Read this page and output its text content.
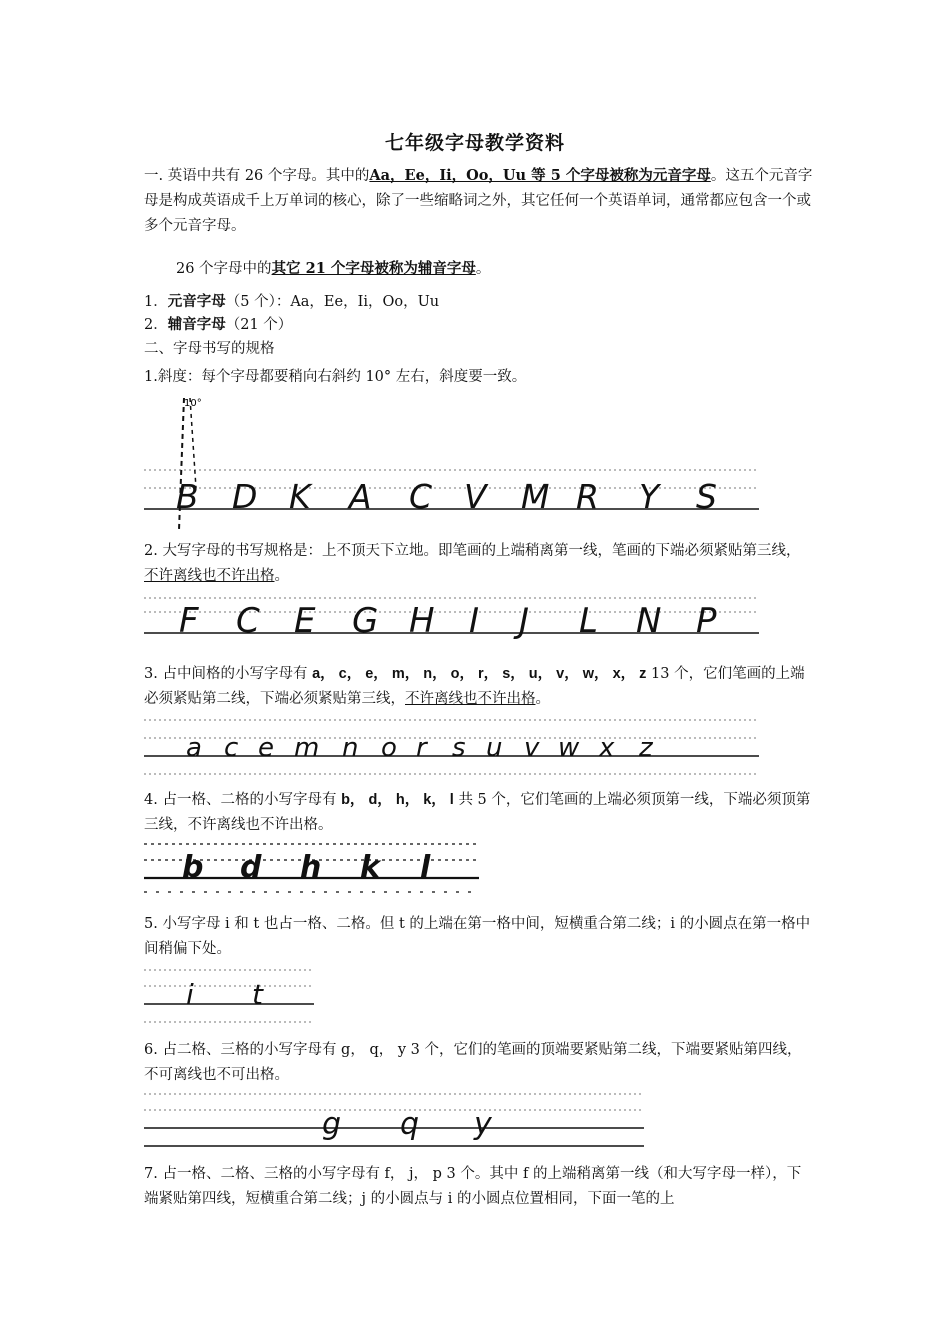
七年级字母教学资料

一. 英语中共有 26 个字母。其中的Aa，Ee，Ii，Oo，Uu 等 5 个字母被称为元音字母。这五个元音字母是构成英语成千上万单词的核心，除了一些缩略词之外，其它任何一个英语单词，通常都应包含一个或多个元音字母。

26 个字母中的其它 21 个字母被称为辅音字母。

1．元音字母（5 个）：Aa，Ee，Ii，Oo，Uu
2．辅音字母（21 个）
二、字母书写的规格
1.斜度：每个字母都要稍向右斜约 10° 左右，斜度要一致。
10°
B D K A C V M R Y S

2. 大写字母的书写规格是：上不顶天下立地。即笔画的上端稍离第一线，笔画的下端必须紧贴第三线，不许离线也不许出格。

F C E G H I J L N P

3. 占中间格的小写字母有 a， c， e， m， n， o， r， s， u， v， w， x， z 13 个，它们笔画的上端必须紧贴第二线，下端必须紧贴第三线，不许离线也不许出格。

a c e m n o r s u v w x z

4. 占一格、二格的小写字母有 b， d， h， k， l 共 5 个，它们笔画的上端必须顶第一线，下端必须顶第三线，不许离线也不许出格。

b d h k l

5. 小写字母 i 和 t 也占一格、二格。但 t 的上端在第一格中间，短横重合第二线；i 的小圆点在第一格中间稍偏下处。

i t

6. 占二格、三格的小写字母有 g， q， y 3 个，它们的笔画的顶端要紧贴第二线，下端要紧贴第四线，不可离线也不可出格。

g q y

7. 占一格、二格、三格的小写字母有 f， j， p 3 个。其中 f 的上端稍离第一线（和大写字母一样），下端紧贴第四线，短横重合第二线；j 的小圆点与 i 的小圆点位置相同，下面一笔的上
